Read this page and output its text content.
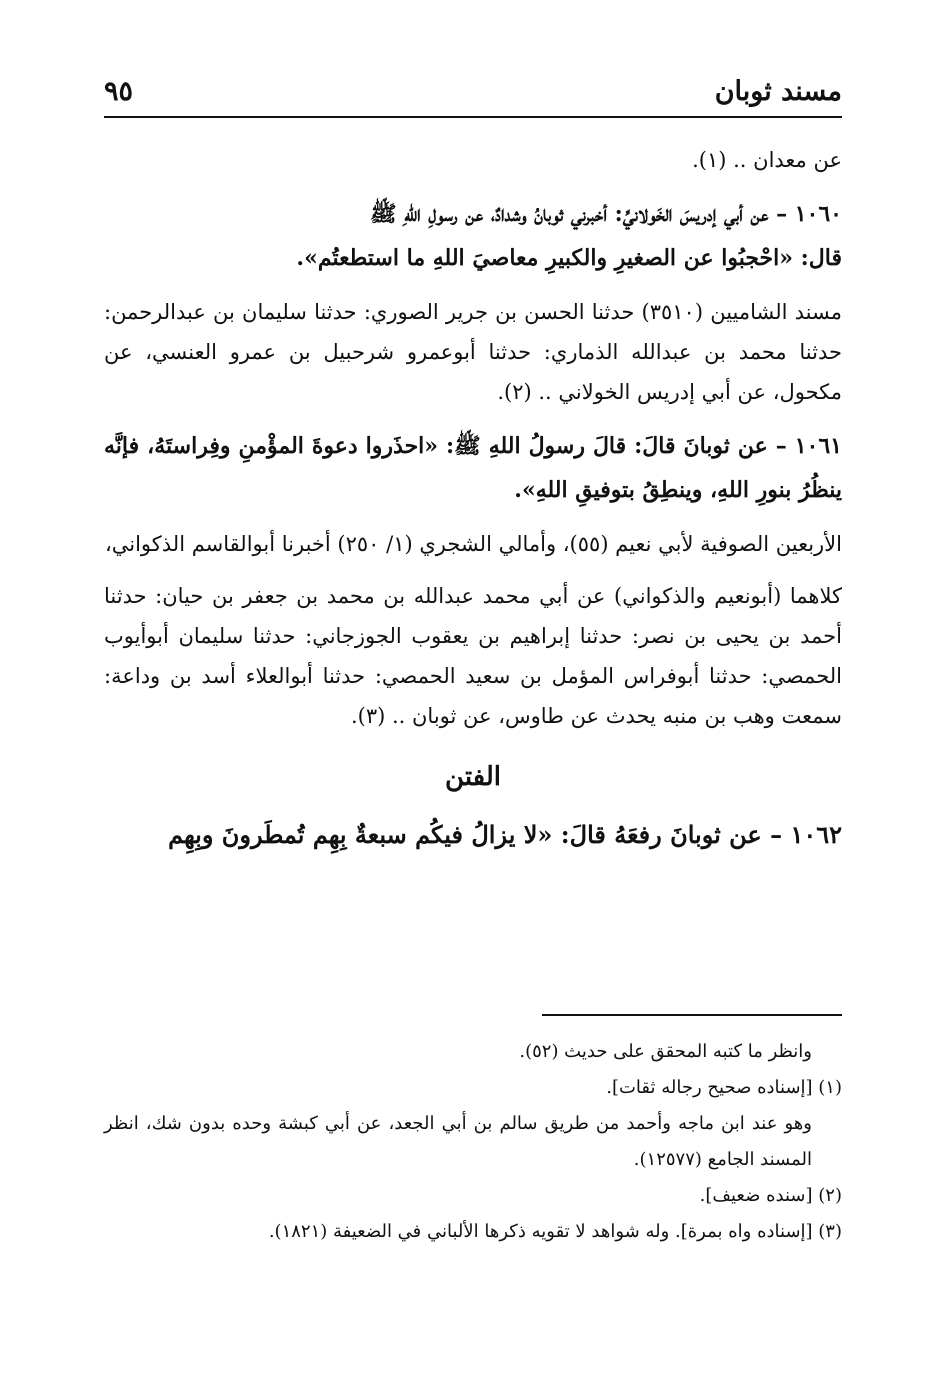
مسند ثوبان
٩٥

عن معدان .. (١).

١٠٦٠ – عن أبي إدريسَ الخَولانيِّ: أخبرني ثوبانُ وشدادٌ، عن رسولِ اللهِ ﷺ

قال: «احْجبُوا عن الصغيرِ والكبيرِ معاصيَ اللهِ ما استطعتُم».

مسند الشاميين (٣٥١٠) حدثنا الحسن بن جرير الصوري: حدثنا سليمان بن عبدالرحمن: حدثنا محمد بن عبدالله الذماري: حدثنا أبوعمرو شرحبيل بن عمرو العنسي، عن مكحول، عن أبي إدريس الخولاني .. (٢).

١٠٦١ – عن ثوبانَ قالَ: قالَ رسولُ اللهِ ﷺ: «احذَروا دعوةَ المؤْمنِ وفِراستَهُ، فإنَّه ينظُرُ بنورِ اللهِ، وينطِقُ بتوفيقِ اللهِ».

الأربعين الصوفية لأبي نعيم (٥٥)، وأمالي الشجري (١/ ٢٥٠) أخبرنا أبوالقاسم الذكواني،

كلاهما (أبونعيم والذكواني) عن أبي محمد عبدالله بن محمد بن جعفر بن حيان: حدثنا أحمد بن يحيى بن نصر: حدثنا إبراهيم بن يعقوب الجوزجاني: حدثنا سليمان أبوأيوب الحمصي: حدثنا أبوفراس المؤمل بن سعيد الحمصي: حدثنا أبوالعلاء أسد بن وداعة: سمعت وهب بن منبه يحدث عن طاوس، عن ثوبان .. (٣).

الفتن

١٠٦٢ – عن ثوبانَ رفعَهُ قالَ: «لا يزالُ فيكُم سبعةٌ بِهِم تُمطَرونَ وبِهِم

وانظر ما كتبه المحقق على حديث (٥٢).

(١) [إسناده صحيح رجاله ثقات].

وهو عند ابن ماجه وأحمد من طريق سالم بن أبي الجعد، عن أبي كبشة وحده بدون شك، انظر المسند الجامع (١٢٥٧٧).

(٢) [سنده ضعيف].

(٣) [إسناده واه بمرة]. وله شواهد لا تقويه ذكرها الألباني في الضعيفة (١٨٢١).
